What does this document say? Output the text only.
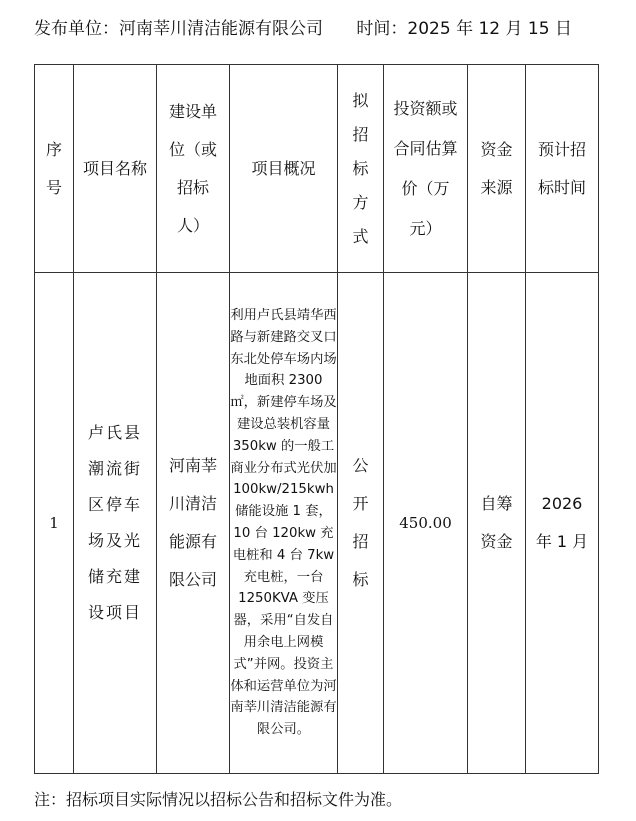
发布单位：河南莘川清洁能源有限公司 时间：2025 年 12 月 15 日
序号	项目名称	建设单位（或招标人）	项目概况	拟招标方式	投资额或合同估算价（万元）	资金来源	预计招标时间

1	卢氏县潮流街区停车场及光储充建设项目	河南莘川清洁能源有限公司	利用卢氏县靖华西路与新建路交叉口东北处停车场内场地面积 2300 ㎡，新建停车场及建设总装机容量 350kw 的一般工商业分布式光伏加 100kw/215kwh 储能设施 1 套，10 台 120kw 充电桩和 4 台 7kw 充电桩，一台 1250KVA 变压器，采用“自发自用余电上网模式”并网。投资主体和运营单位为河南莘川清洁能源有限公司。	公开招标	450.00	自筹资金	2026 年 1 月
注：招标项目实际情况以招标公告和招标文件为准。
